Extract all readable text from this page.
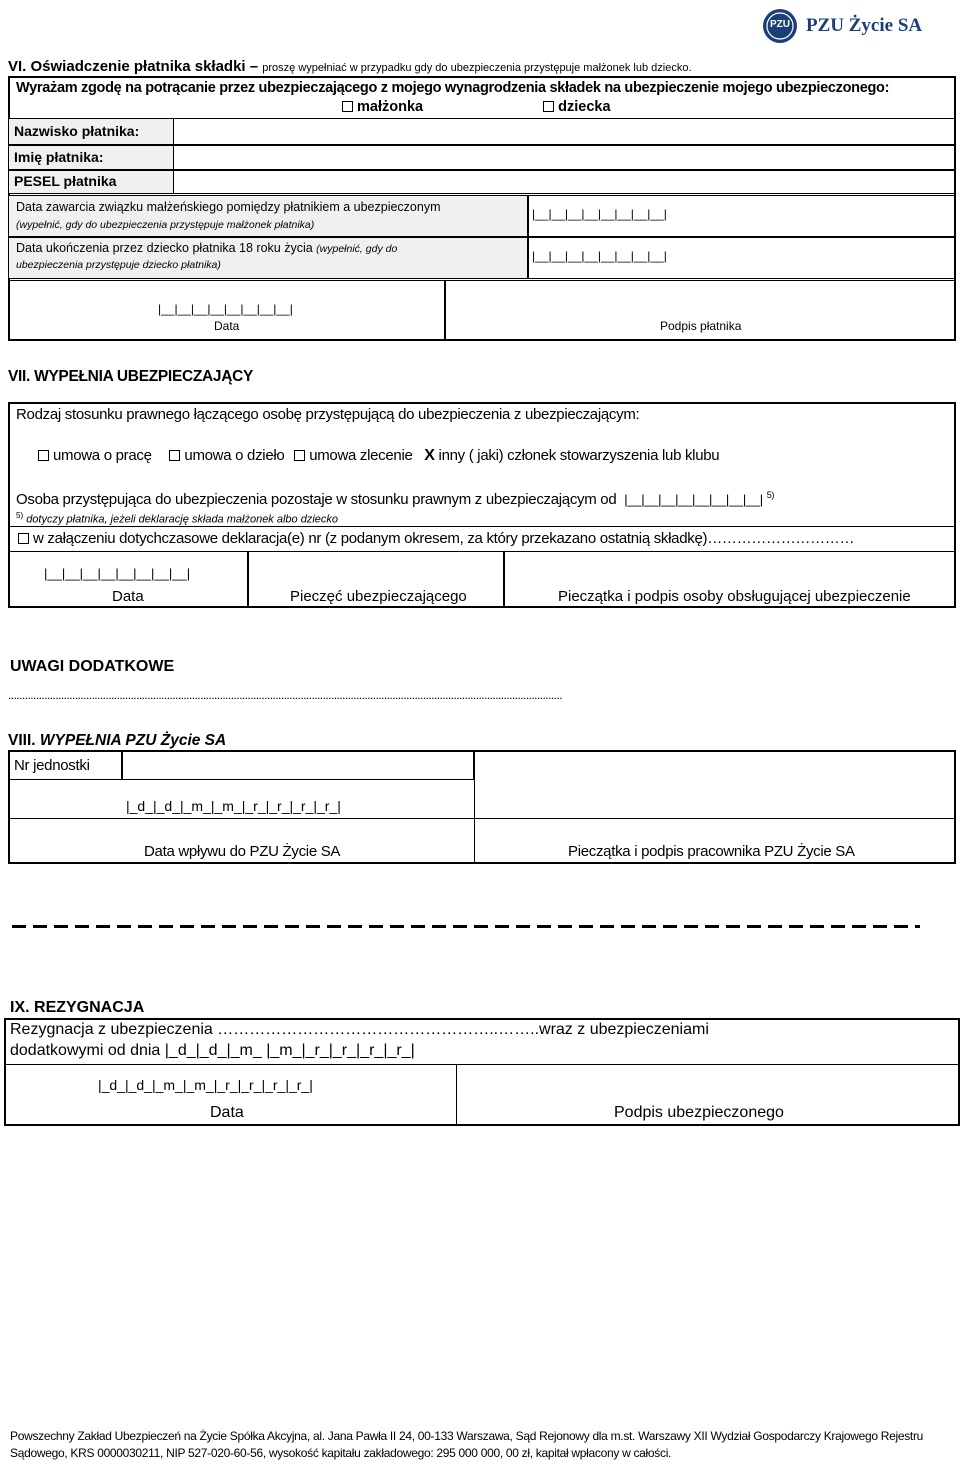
PZU PZU Życie SA
VI. Oświadczenie płatnika składki – proszę wypełniać w przypadku gdy do ubezpieczenia przystępuje małżonek lub dziecko.
Wyrażam zgodę na potrącanie przez ubezpieczającego z mojego wynagrodzenia składek na ubezpieczenie mojego ubezpieczonego:
małżonka	dziecka
Nazwisko płatnika:
Imię płatnika:
PESEL płatnika
Data zawarcia związku małżeńskiego pomiędzy płatnikiem a ubezpieczonym
(wypełnić, gdy do ubezpieczenia przystępuje małżonek płatnika)
|__|__|__|__|__|__|__|__|
Data ukończenia przez dziecko płatnika 18 roku życia (wypełnić, gdy do
ubezpieczenia przystępuje dziecko płatnika)
|__|__|__|__|__|__|__|__|
|__|__|__|__|__|__|__|__|
Data	Podpis płatnika
VII. WYPEŁNIA UBEZPIECZAJĄCY
Rodzaj stosunku prawnego łączącego osobę przystępującą do ubezpieczenia z ubezpieczającym:
umowa o pracę umowa o dzieło umowa zlecenie X inny ( jaki) członek stowarzyszenia lub klubu
Osoba przystępująca do ubezpieczenia pozostaje w stosunku prawnym z ubezpieczającym od |__|__|__|__|__|__|__|__| $^{5)}$
$^{5)}$ dotyczy płatnika, jeżeli deklarację składa małżonek albo dziecko
w załączeniu dotychczasowe deklaracja(e) nr (z podanym okresem, za który przekazano ostatnią składkę)…………………………
|__|__|__|__|__|__|__|__|
Data	Pieczęć ubezpieczającego	Pieczątka i podpis osoby obsługującej ubezpieczenie
UWAGI DODATKOWE
.......................................................................................................................................................................................................
VIII. WYPEŁNIA PZU Życie SA
Nr jednostki
|_d_|_d_|_m_|_m_|_r_|_r_|_r_|_r_|
Data wpływu do PZU Życie SA	Pieczątka i podpis pracownika PZU Życie SA
IX. REZYGNACJA
Rezygnacja z ubezpieczenia ……………………………………………..……..wraz z ubezpieczeniami
dodatkowymi od dnia |_d_|_d_|_m_ |_m_|_r_|_r_|_r_|_r_|
|_d_|_d_|_m_|_m_|_r_|_r_|_r_|_r_|
Data	Podpis ubezpieczonego
Powszechny Zakład Ubezpieczeń na Życie Spółka Akcyjna, al. Jana Pawła II 24, 00-133 Warszawa, Sąd Rejonowy dla m.st. Warszawy XII Wydział Gospodarczy Krajowego Rejestru
Sądowego, KRS 0000030211, NIP 527-020-60-56, wysokość kapitału zakładowego: 295 000 000, 00 zł, kapitał wpłacony w całości.
